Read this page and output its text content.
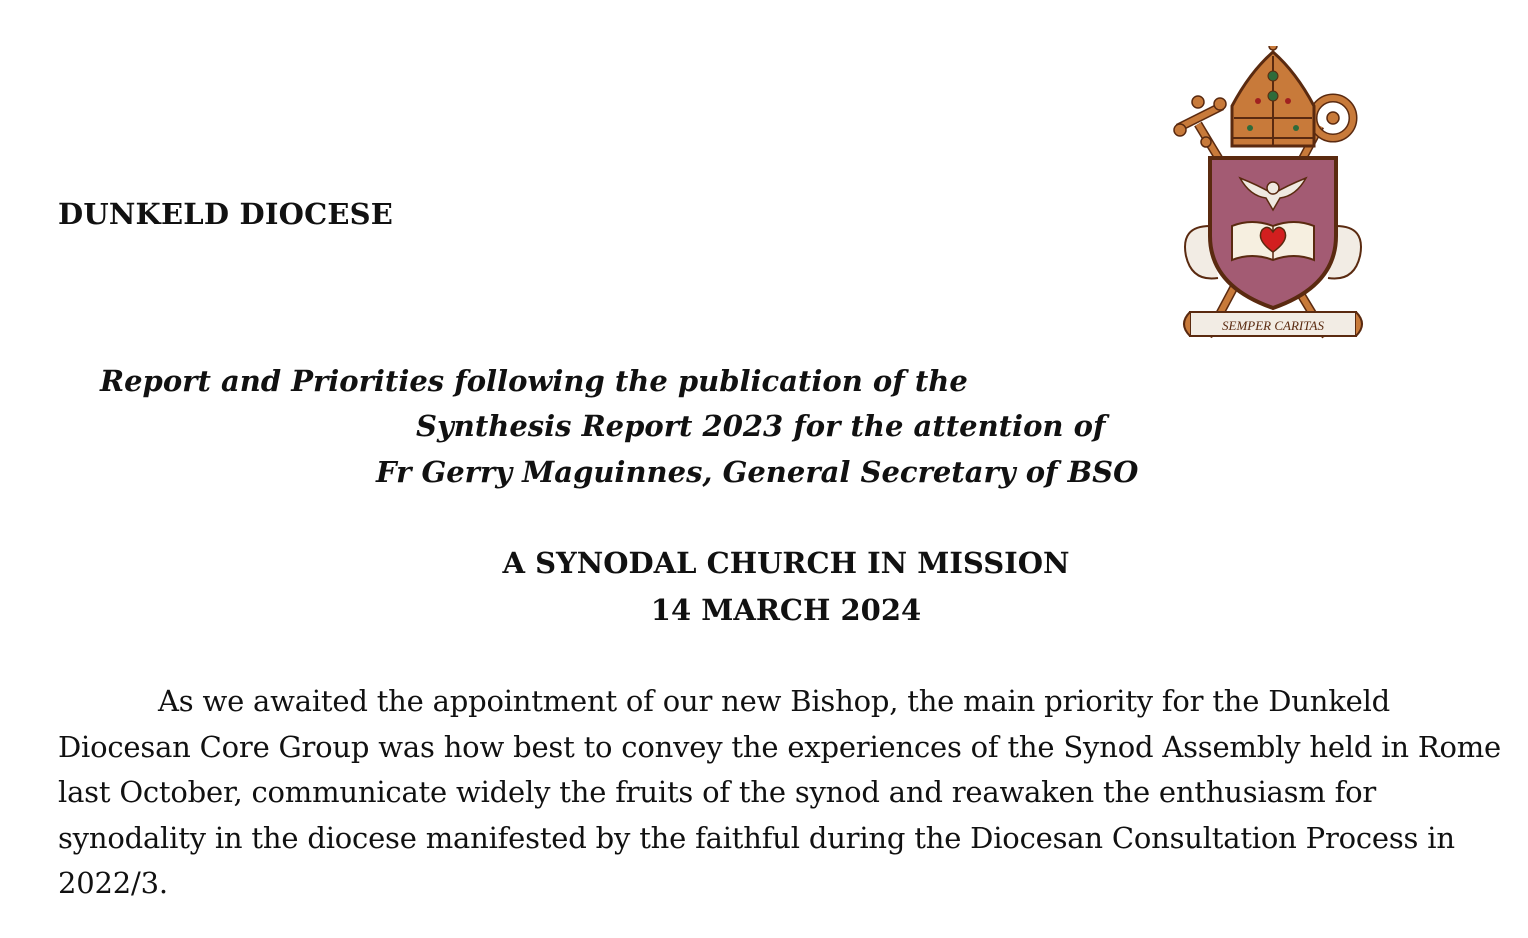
DUNKELD DIOCESE
SEMPER CARITAS
Report and Priorities following the publication of the
Synthesis Report 2023 for the attention of
Fr Gerry Maguinnes, General Secretary of BSO
A SYNODAL CHURCH IN MISSION
14 MARCH 2024
As we awaited the appointment of our new Bishop, the main priority for the Dunkeld Diocesan Core Group was how best to convey the experiences of the Synod Assembly held in Rome last October, communicate widely the fruits of the synod and reawaken the enthusiasm for synodality in the diocese manifested by the faithful during the Diocesan Consultation Process in 2022/3.
